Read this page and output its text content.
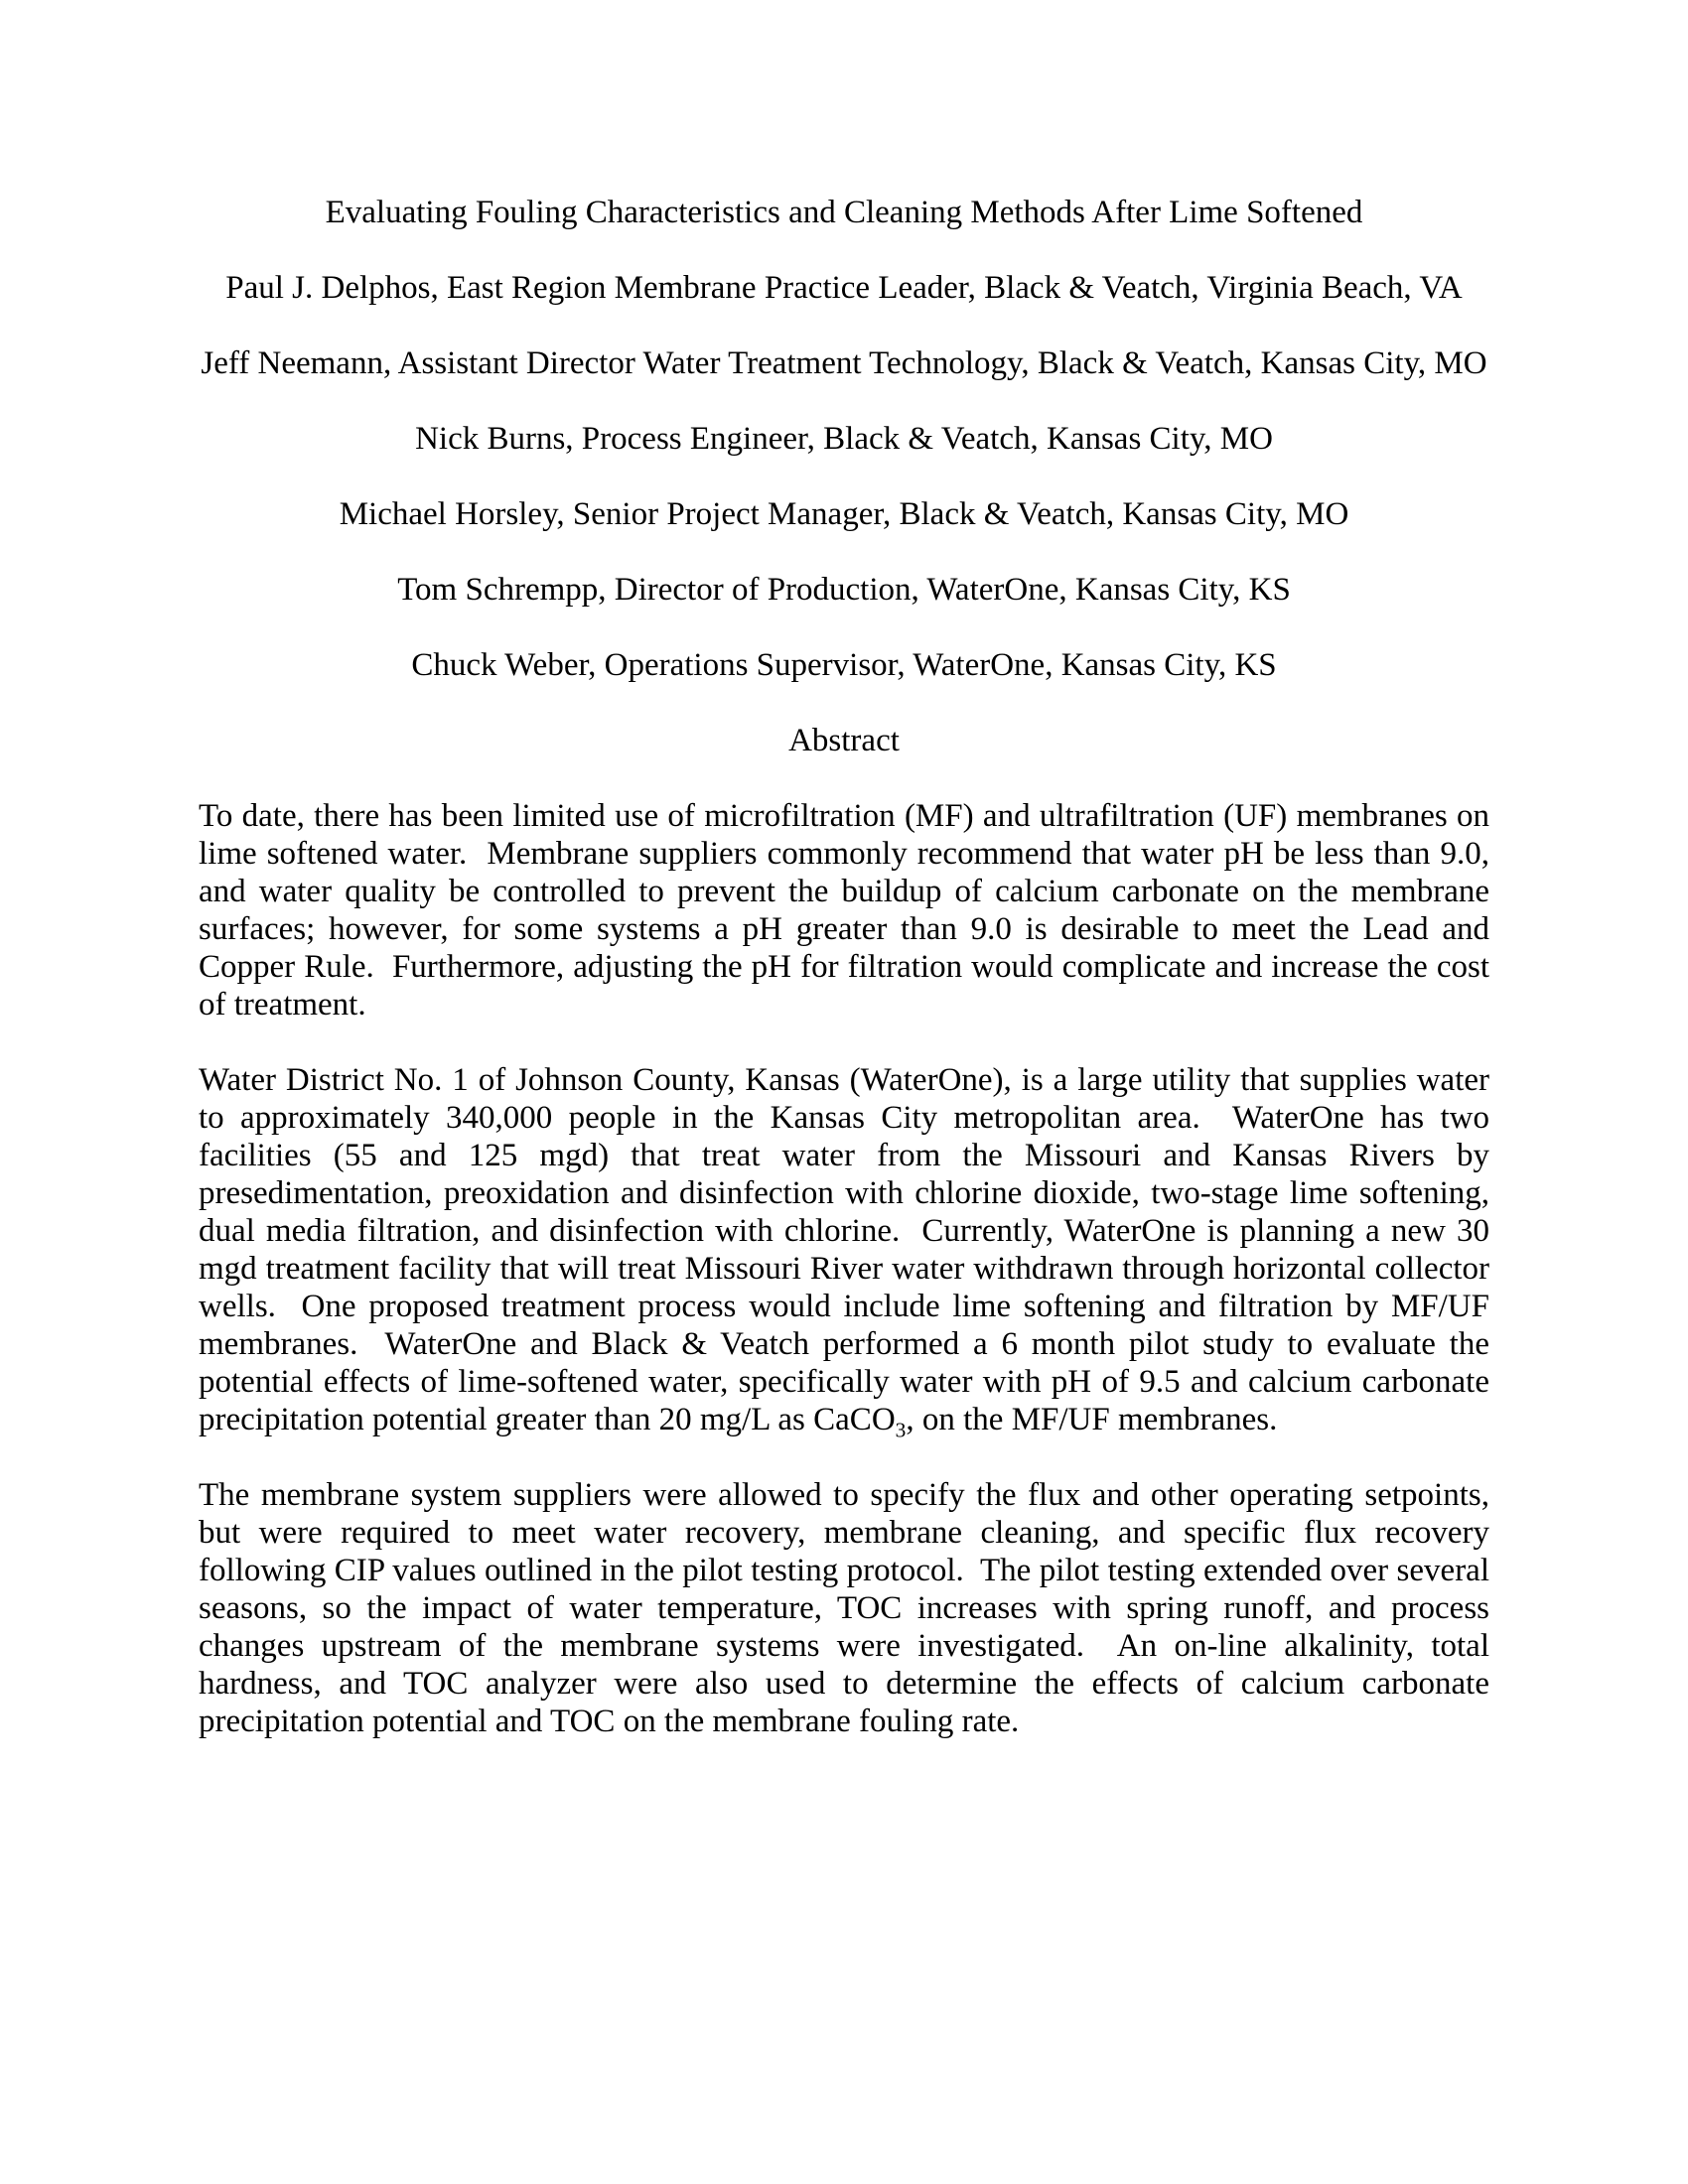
Evaluating Fouling Characteristics and Cleaning Methods After Lime Softened

Paul J. Delphos, East Region Membrane Practice Leader, Black & Veatch, Virginia Beach, VA

Jeff Neemann, Assistant Director Water Treatment Technology, Black & Veatch, Kansas City, MO

Nick Burns, Process Engineer, Black & Veatch, Kansas City, MO

Michael Horsley, Senior Project Manager, Black & Veatch, Kansas City, MO

Tom Schrempp, Director of Production, WaterOne, Kansas City, KS

Chuck Weber, Operations Supervisor, WaterOne, Kansas City, KS

Abstract

To date, there has been limited use of microfiltration (MF) and ultrafiltration (UF) membranes on lime softened water.  Membrane suppliers commonly recommend that water pH be less than 9.0, and water quality be controlled to prevent the buildup of calcium carbonate on the membrane surfaces; however, for some systems a pH greater than 9.0 is desirable to meet the Lead and Copper Rule.  Furthermore, adjusting the pH for filtration would complicate and increase the cost of treatment.

Water District No. 1 of Johnson County, Kansas (WaterOne), is a large utility that supplies water to approximately 340,000 people in the Kansas City metropolitan area.  WaterOne has two facilities (55 and 125 mgd) that treat water from the Missouri and Kansas Rivers by presedimentation, preoxidation and disinfection with chlorine dioxide, two-stage lime softening, dual media filtration, and disinfection with chlorine.  Currently, WaterOne is planning a new 30 mgd treatment facility that will treat Missouri River water withdrawn through horizontal collector wells.  One proposed treatment process would include lime softening and filtration by MF/UF membranes.  WaterOne and Black & Veatch performed a 6 month pilot study to evaluate the potential effects of lime-softened water, specifically water with pH of 9.5 and calcium carbonate precipitation potential greater than 20 mg/L as CaCO$_3$, on the MF/UF membranes.

The membrane system suppliers were allowed to specify the flux and other operating setpoints, but were required to meet water recovery, membrane cleaning, and specific flux recovery following CIP values outlined in the pilot testing protocol.  The pilot testing extended over several seasons, so the impact of water temperature, TOC increases with spring runoff, and process changes upstream of the membrane systems were investigated.  An on-line alkalinity, total hardness, and TOC analyzer were also used to determine the effects of calcium carbonate precipitation potential and TOC on the membrane fouling rate.
